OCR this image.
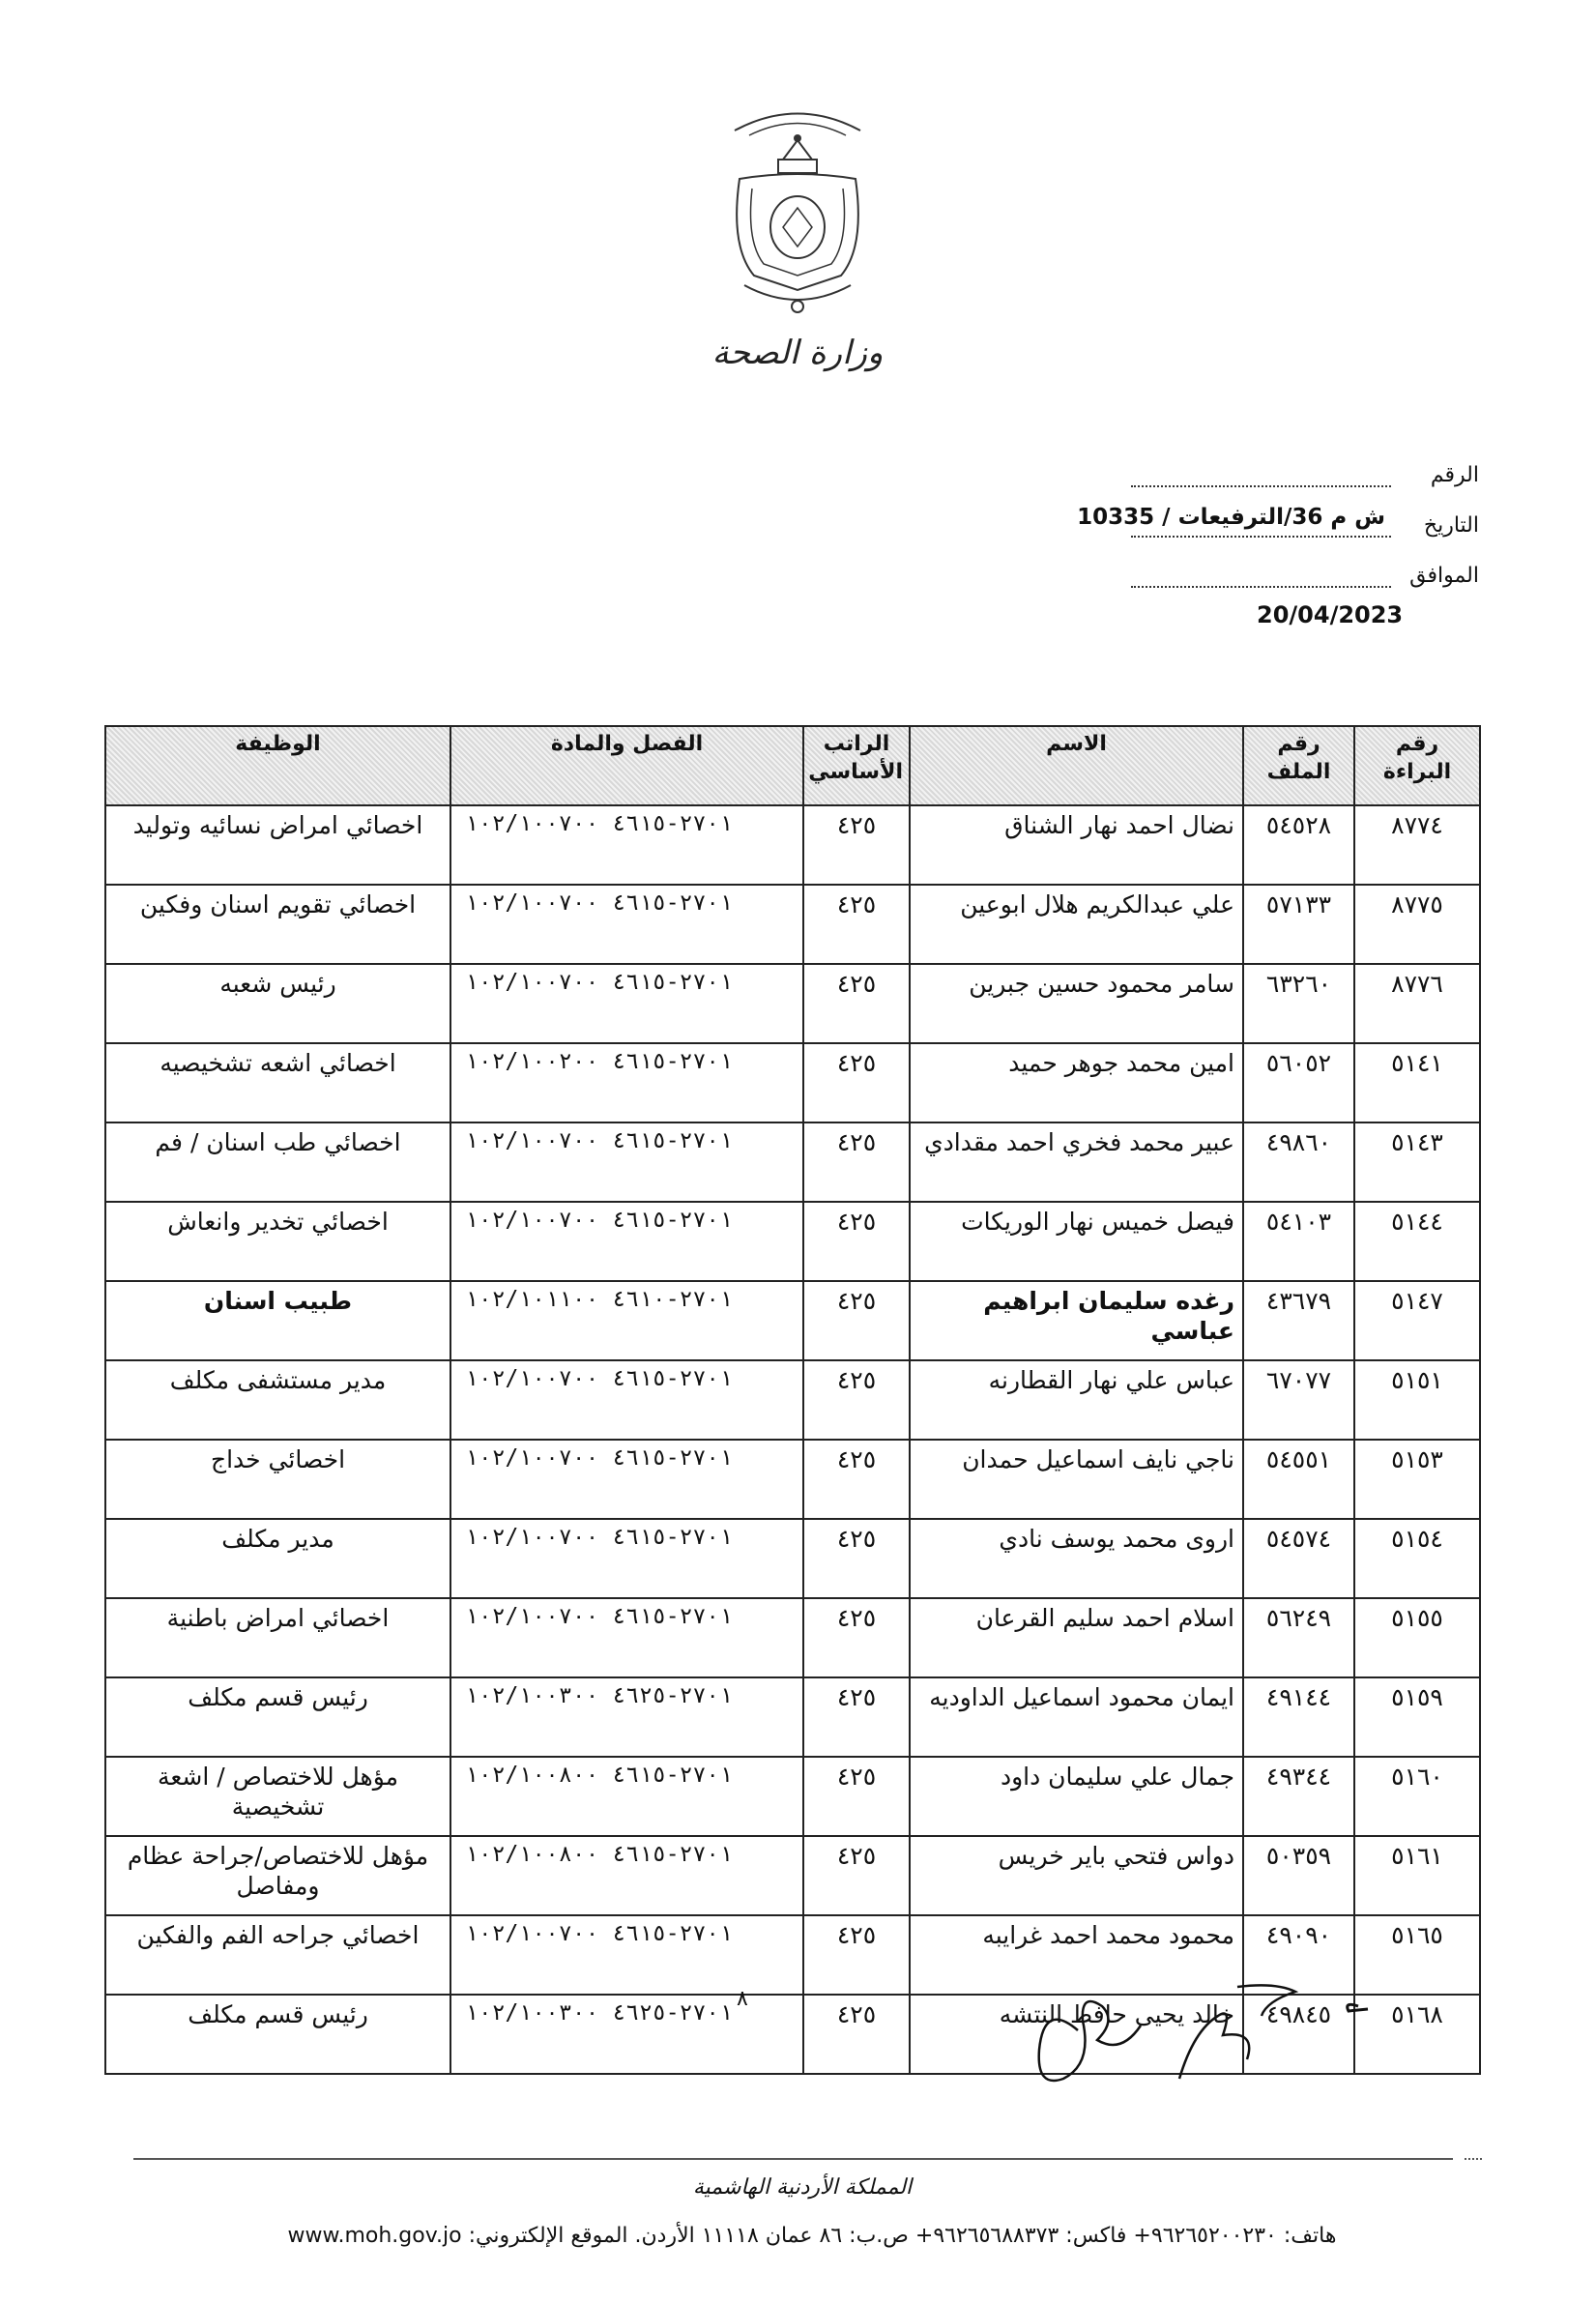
وزارة الصحة
الرقم
التاريخ
ش م 36/الترفيعات / 10335
الموافق
20/04/2023
رقم البراءة	رقم الملف	الاسم	الراتب الأساسي	الفصل والمادة	الوظيفة
٨٧٧٤	٥٤٥٢٨	نضال احمد نهار الشناق	٤٢٥	٢٧٠١-٤٦١٥ ١٠٢/١٠٠٧٠٠	اخصائي امراض نسائيه وتوليد
٨٧٧٥	٥٧١٣٣	علي عبدالكريم هلال ابوعين	٤٢٥	٢٧٠١-٤٦١٥ ١٠٢/١٠٠٧٠٠	اخصائي تقويم اسنان وفكين
٨٧٧٦	٦٣٢٦٠	سامر محمود حسين جبرين	٤٢٥	٢٧٠١-٤٦١٥ ١٠٢/١٠٠٧٠٠	رئيس شعبه
٥١٤١	٥٦٠٥٢	امين محمد جوهر حميد	٤٢٥	٢٧٠١-٤٦١٥ ١٠٢/١٠٠٢٠٠	اخصائي اشعه تشخيصيه
٥١٤٣	٤٩٨٦٠	عبير محمد فخري احمد مقدادي	٤٢٥	٢٧٠١-٤٦١٥ ١٠٢/١٠٠٧٠٠	اخصائي طب اسنان / فم
٥١٤٤	٥٤١٠٣	فيصل خميس نهار الوريكات	٤٢٥	٢٧٠١-٤٦١٥ ١٠٢/١٠٠٧٠٠	اخصائي تخدير وانعاش
٥١٤٧	٤٣٦٧٩	رغده سليمان ابراهيم عباسي	٤٢٥	٢٧٠١-٤٦١٠ ١٠٢/١٠١١٠٠	طبيب اسنان
٥١٥١	٦٧٠٧٧	عباس علي نهار القطارنه	٤٢٥	٢٧٠١-٤٦١٥ ١٠٢/١٠٠٧٠٠	مدير مستشفى مكلف
٥١٥٣	٥٤٥٥١	ناجي نايف اسماعيل حمدان	٤٢٥	٢٧٠١-٤٦١٥ ١٠٢/١٠٠٧٠٠	اخصائي خداج
٥١٥٤	٥٤٥٧٤	اروى محمد يوسف نادي	٤٢٥	٢٧٠١-٤٦١٥ ١٠٢/١٠٠٧٠٠	مدير مكلف
٥١٥٥	٥٦٢٤٩	اسلام احمد سليم القرعان	٤٢٥	٢٧٠١-٤٦١٥ ١٠٢/١٠٠٧٠٠	اخصائي امراض باطنية
٥١٥٩	٤٩١٤٤	ايمان محمود اسماعيل الداوديه	٤٢٥	٢٧٠١-٤٦٢٥ ١٠٢/١٠٠٣٠٠	رئيس قسم مكلف
٥١٦٠	٤٩٣٤٤	جمال علي سليمان داود	٤٢٥	٢٧٠١-٤٦١٥ ١٠٢/١٠٠٨٠٠	مؤهل للاختصاص / اشعة تشخيصية
٥١٦١	٥٠٣٥٩	دواس فتحي باير خريس	٤٢٥	٢٧٠١-٤٦١٥ ١٠٢/١٠٠٨٠٠	مؤهل للاختصاص/جراحة عظام ومفاصل
٥١٦٥	٤٩٠٩٠	محمود محمد احمد غرايبه	٤٢٥	٢٧٠١-٤٦١٥ ١٠٢/١٠٠٧٠٠	اخصائي جراحه الفم والفكين
٥١٦٨	٤٩٨٤٥	خالد يحيى حافظ النتشه	٤٢٥	٢٧٠١-٤٦٢٥ ١٠٢/١٠٠٣٠٠	رئيس قسم مكلف
٨
المملكة الأردنية الهاشمية
هاتف: ٩٦٢٦٥٢٠٠٢٣٠+ فاكس: ٩٦٢٦٥٦٨٨٣٧٣+ ص.ب: ٨٦ عمان ١١١١٨ الأردن. الموقع الإلكتروني: www.moh.gov.jo
